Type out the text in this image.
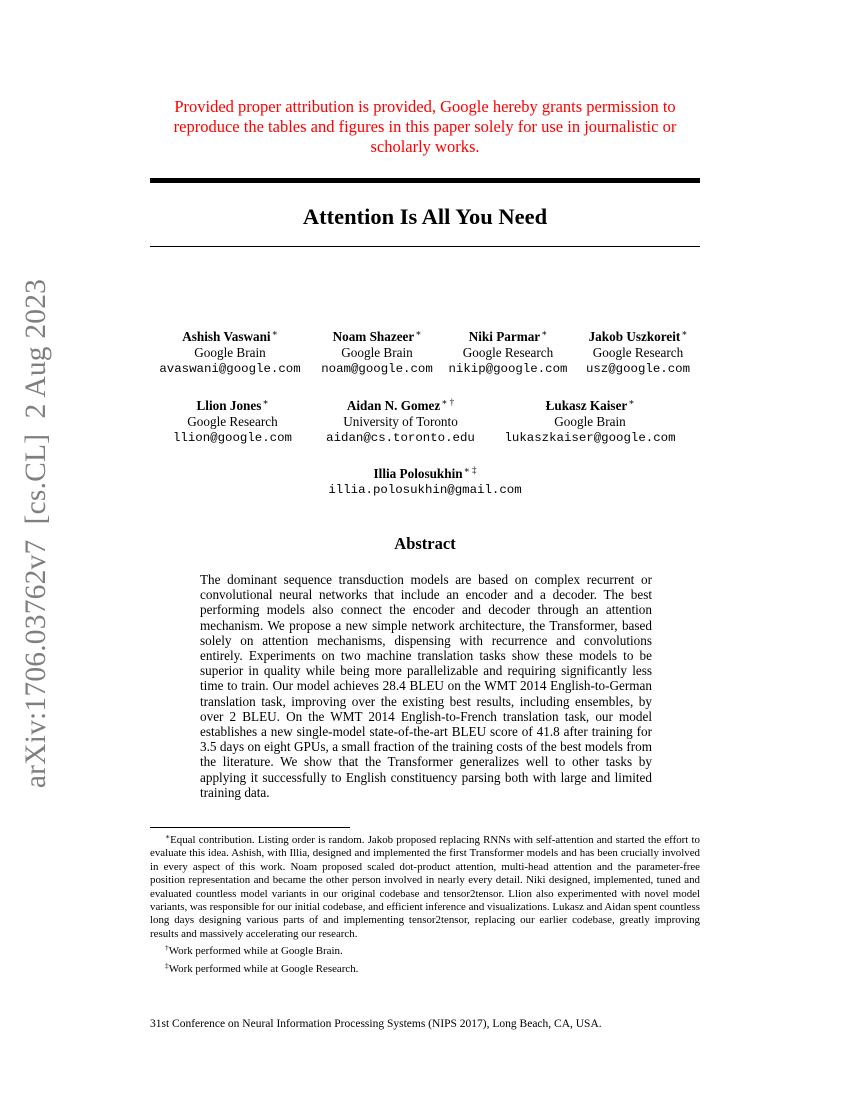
arXiv:1706.03762v7  [cs.CL]  2 Aug 2023
Provided proper attribution is provided, Google hereby grants permission to reproduce the tables and figures in this paper solely for use in journalistic or scholarly works.
Attention Is All You Need
Ashish Vaswani∗
Google Brain
avaswani@google.com
Noam Shazeer∗
Google Brain
noam@google.com
Niki Parmar∗
Google Research
nikip@google.com
Jakob Uszkoreit∗
Google Research
usz@google.com
Llion Jones∗
Google Research
llion@google.com
Aidan N. Gomez∗ †
University of Toronto
aidan@cs.toronto.edu
Łukasz Kaiser∗
Google Brain
lukaszkaiser@google.com
Illia Polosukhin∗ ‡
illia.polosukhin@gmail.com
Abstract
The dominant sequence transduction models are based on complex recurrent or convolutional neural networks that include an encoder and a decoder. The best performing models also connect the encoder and decoder through an attention mechanism. We propose a new simple network architecture, the Transformer, based solely on attention mechanisms, dispensing with recurrence and convolutions entirely. Experiments on two machine translation tasks show these models to be superior in quality while being more parallelizable and requiring significantly less time to train. Our model achieves 28.4 BLEU on the WMT 2014 English-to-German translation task, improving over the existing best results, including ensembles, by over 2 BLEU. On the WMT 2014 English-to-French translation task, our model establishes a new single-model state-of-the-art BLEU score of 41.8 after training for 3.5 days on eight GPUs, a small fraction of the training costs of the best models from the literature. We show that the Transformer generalizes well to other tasks by applying it successfully to English constituency parsing both with large and limited training data.

∗Equal contribution. Listing order is random. Jakob proposed replacing RNNs with self-attention and started the effort to evaluate this idea. Ashish, with Illia, designed and implemented the first Transformer models and has been crucially involved in every aspect of this work. Noam proposed scaled dot-product attention, multi-head attention and the parameter-free position representation and became the other person involved in nearly every detail. Niki designed, implemented, tuned and evaluated countless model variants in our original codebase and tensor2tensor. Llion also experimented with novel model variants, was responsible for our initial codebase, and efficient inference and visualizations. Lukasz and Aidan spent countless long days designing various parts of and implementing tensor2tensor, replacing our earlier codebase, greatly improving results and massively accelerating our research.

†Work performed while at Google Brain.

‡Work performed while at Google Research.

31st Conference on Neural Information Processing Systems (NIPS 2017), Long Beach, CA, USA.
